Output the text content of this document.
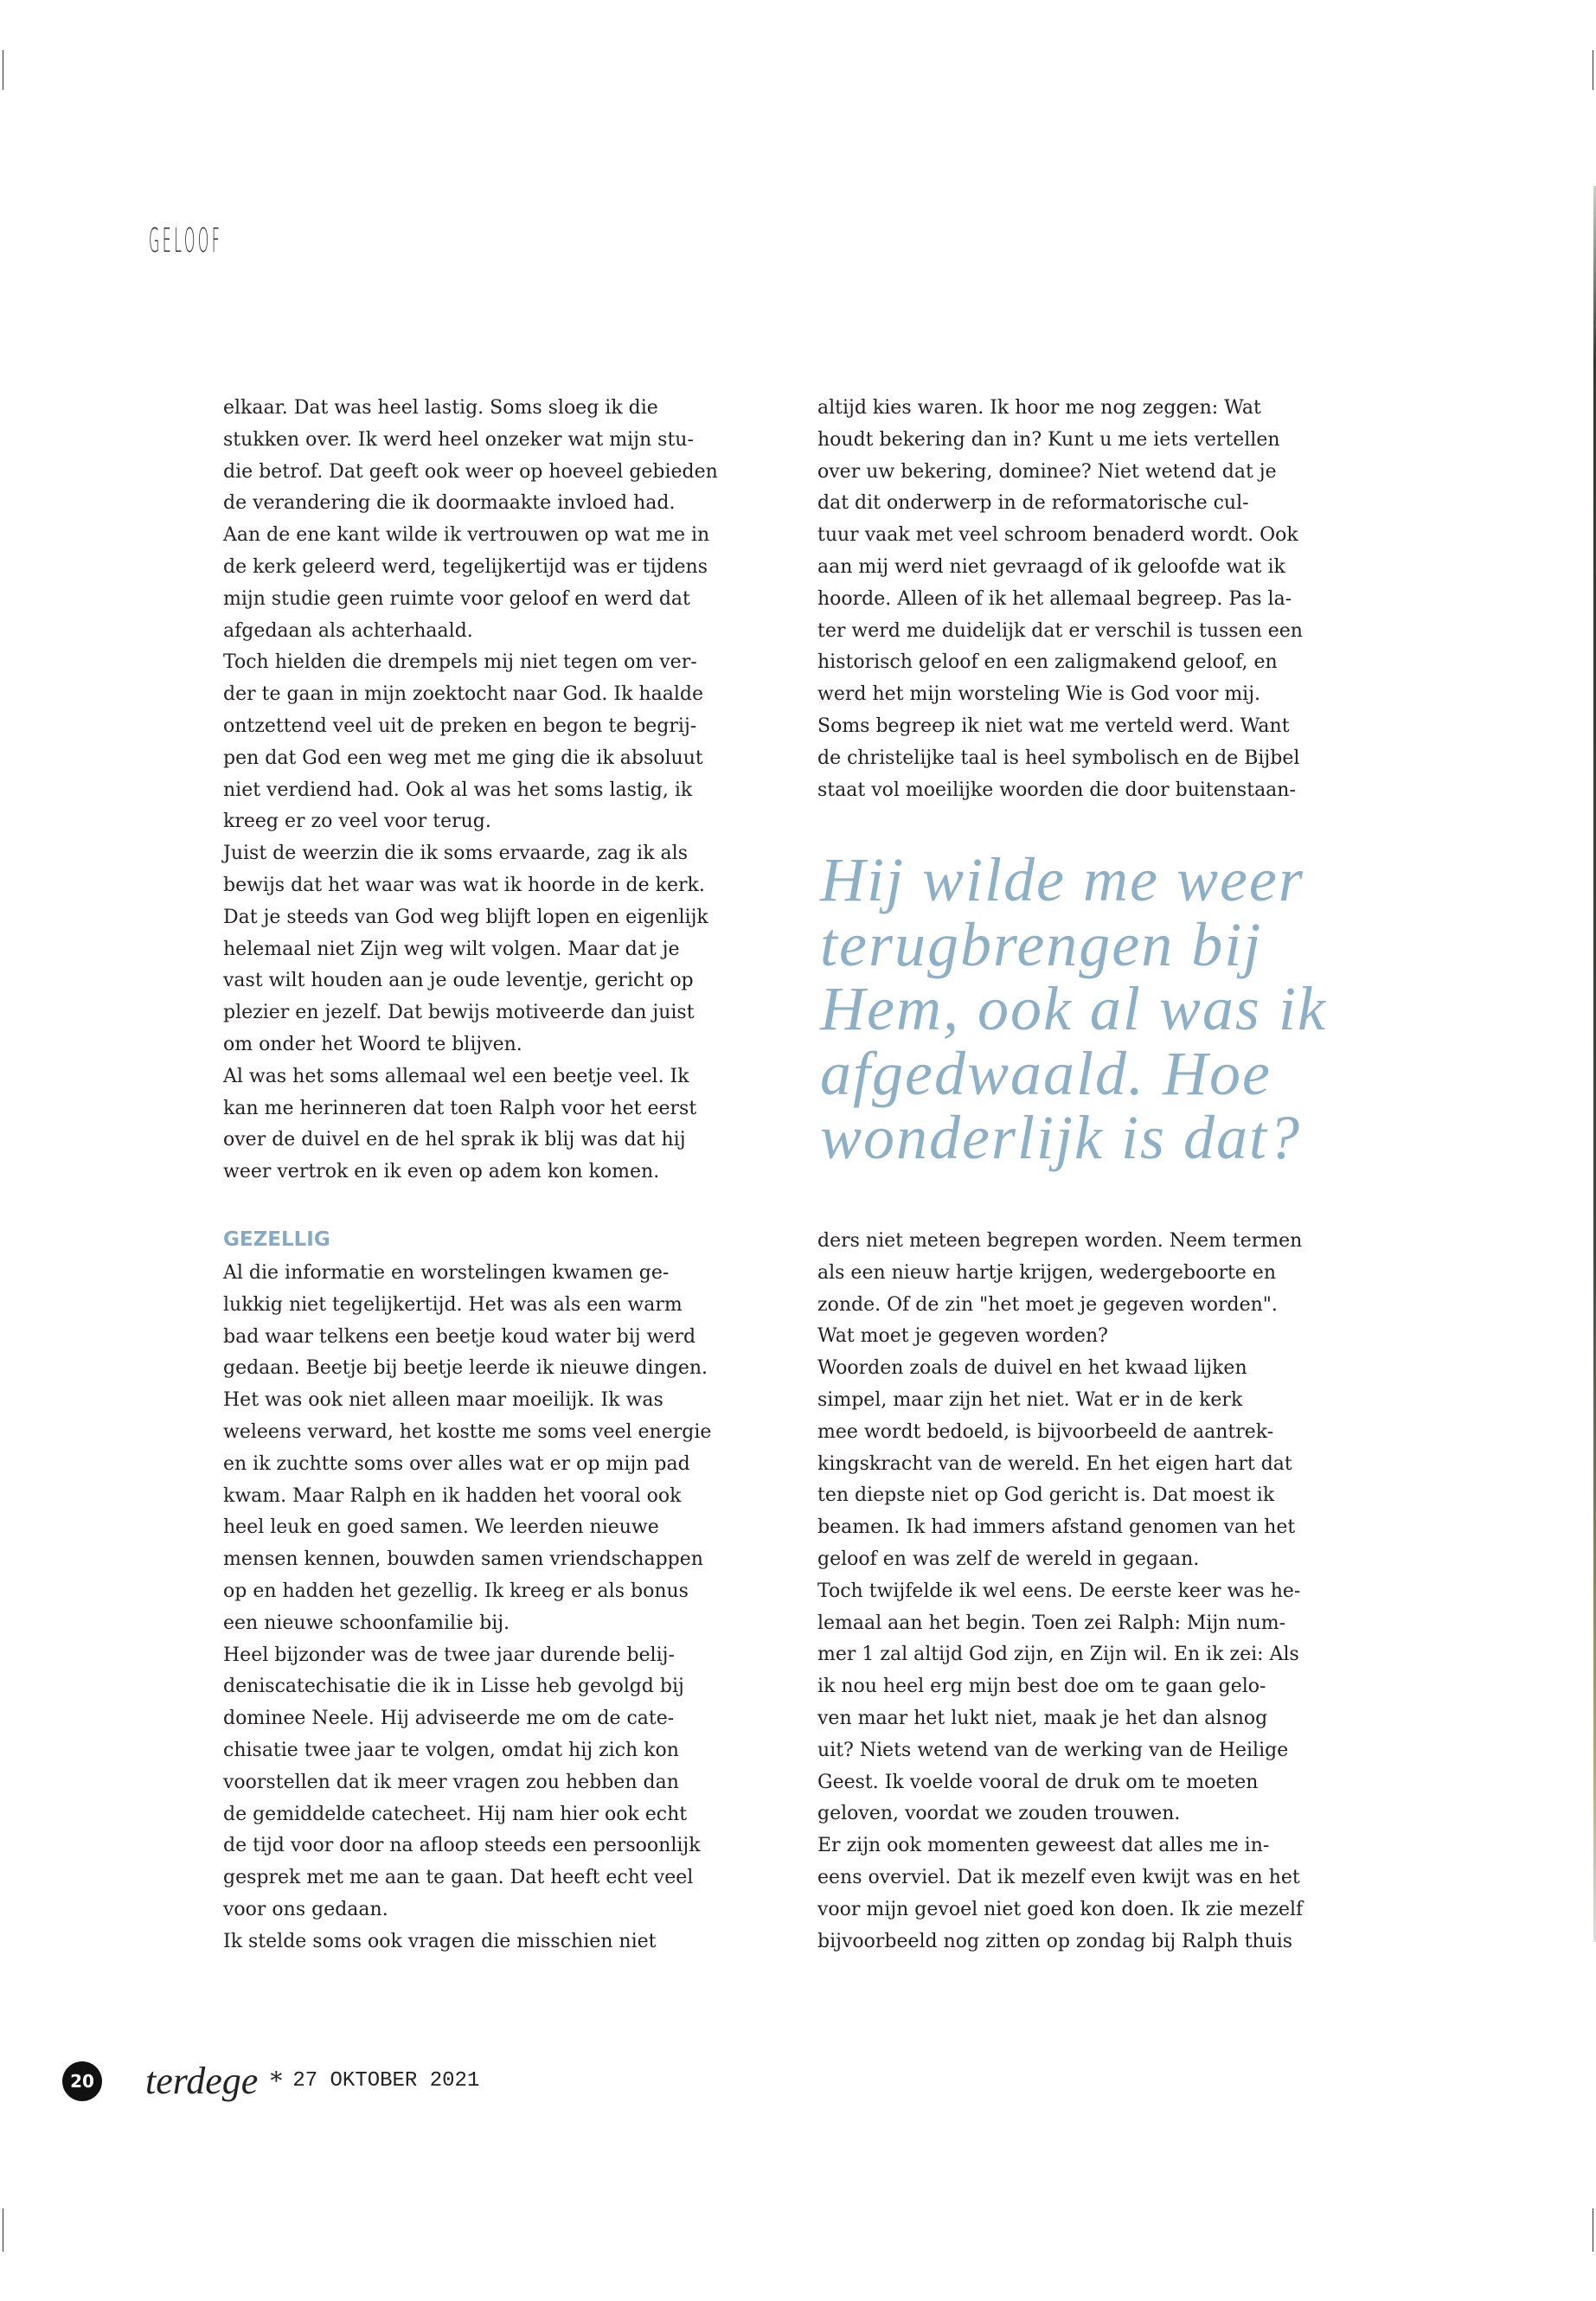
GELOOF
elkaar. Dat was heel lastig. Soms sloeg ik die
stukken over. Ik werd heel onzeker wat mijn stu-
die betrof. Dat geeft ook weer op hoeveel gebieden
de verandering die ik doormaakte invloed had.
Aan de ene kant wilde ik vertrouwen op wat me in
de kerk geleerd werd, tegelijkertijd was er tijdens
mijn studie geen ruimte voor geloof en werd dat
afgedaan als achterhaald.
Toch hielden die drempels mij niet tegen om ver-
der te gaan in mijn zoektocht naar God. Ik haalde
ontzettend veel uit de preken en begon te begrij-
pen dat God een weg met me ging die ik absoluut
niet verdiend had. Ook al was het soms lastig, ik
kreeg er zo veel voor terug.
Juist de weerzin die ik soms ervaarde, zag ik als
bewijs dat het waar was wat ik hoorde in de kerk.
Dat je steeds van God weg blijft lopen en eigenlijk
helemaal niet Zijn weg wilt volgen. Maar dat je
vast wilt houden aan je oude leventje, gericht op
plezier en jezelf. Dat bewijs motiveerde dan juist
om onder het Woord te blijven.
Al was het soms allemaal wel een beetje veel. Ik
kan me herinneren dat toen Ralph voor het eerst
over de duivel en de hel sprak ik blij was dat hij
weer vertrok en ik even op adem kon komen.
GEZELLIG
Al die informatie en worstelingen kwamen ge-
lukkig niet tegelijkertijd. Het was als een warm
bad waar telkens een beetje koud water bij werd
gedaan. Beetje bij beetje leerde ik nieuwe dingen.
Het was ook niet alleen maar moeilijk. Ik was
weleens verward, het kostte me soms veel energie
en ik zuchtte soms over alles wat er op mijn pad
kwam. Maar Ralph en ik hadden het vooral ook
heel leuk en goed samen. We leerden nieuwe
mensen kennen, bouwden samen vriendschappen
op en hadden het gezellig. Ik kreeg er als bonus
een nieuwe schoonfamilie bij.
Heel bijzonder was de twee jaar durende belij-
deniscatechisatie die ik in Lisse heb gevolgd bij
dominee Neele. Hij adviseerde me om de cate-
chisatie twee jaar te volgen, omdat hij zich kon
voorstellen dat ik meer vragen zou hebben dan
de gemiddelde catecheet. Hij nam hier ook echt
de tijd voor door na afloop steeds een persoonlijk
gesprek met me aan te gaan. Dat heeft echt veel
voor ons gedaan.
Ik stelde soms ook vragen die misschien niet
altijd kies waren. Ik hoor me nog zeggen: Wat
houdt bekering dan in? Kunt u me iets vertellen
over uw bekering, dominee? Niet wetend dat je
dat dit onderwerp in de reformatorische cul-
tuur vaak met veel schroom benaderd wordt. Ook
aan mij werd niet gevraagd of ik geloofde wat ik
hoorde. Alleen of ik het allemaal begreep. Pas la-
ter werd me duidelijk dat er verschil is tussen een
historisch geloof en een zaligmakend geloof, en
werd het mijn worsteling Wie is God voor mij.
Soms begreep ik niet wat me verteld werd. Want
de christelijke taal is heel symbolisch en de Bijbel
staat vol moeilijke woorden die door buitenstaan-
Hij wilde me weer
terugbrengen bij
Hem, ook al was ik
afgedwaald. Hoe
wonderlijk is dat?
ders niet meteen begrepen worden. Neem termen
als een nieuw hartje krijgen, wedergeboorte en
zonde. Of de zin "het moet je gegeven worden".
Wat moet je gegeven worden?
Woorden zoals de duivel en het kwaad lijken
simpel, maar zijn het niet. Wat er in de kerk
mee wordt bedoeld, is bijvoorbeeld de aantrek-
kingskracht van de wereld. En het eigen hart dat
ten diepste niet op God gericht is. Dat moest ik
beamen. Ik had immers afstand genomen van het
geloof en was zelf de wereld in gegaan.
Toch twijfelde ik wel eens. De eerste keer was he-
lemaal aan het begin. Toen zei Ralph: Mijn num-
mer 1 zal altijd God zijn, en Zijn wil. En ik zei: Als
ik nou heel erg mijn best doe om te gaan gelo-
ven maar het lukt niet, maak je het dan alsnog
uit? Niets wetend van de werking van de Heilige
Geest. Ik voelde vooral de druk om te moeten
geloven, voordat we zouden trouwen.
Er zijn ook momenten geweest dat alles me in-
eens overviel. Dat ik mezelf even kwijt was en het
voor mijn gevoel niet goed kon doen. Ik zie mezelf
bijvoorbeeld nog zitten op zondag bij Ralph thuis
20 terdege * 27 OKTOBER 2021
